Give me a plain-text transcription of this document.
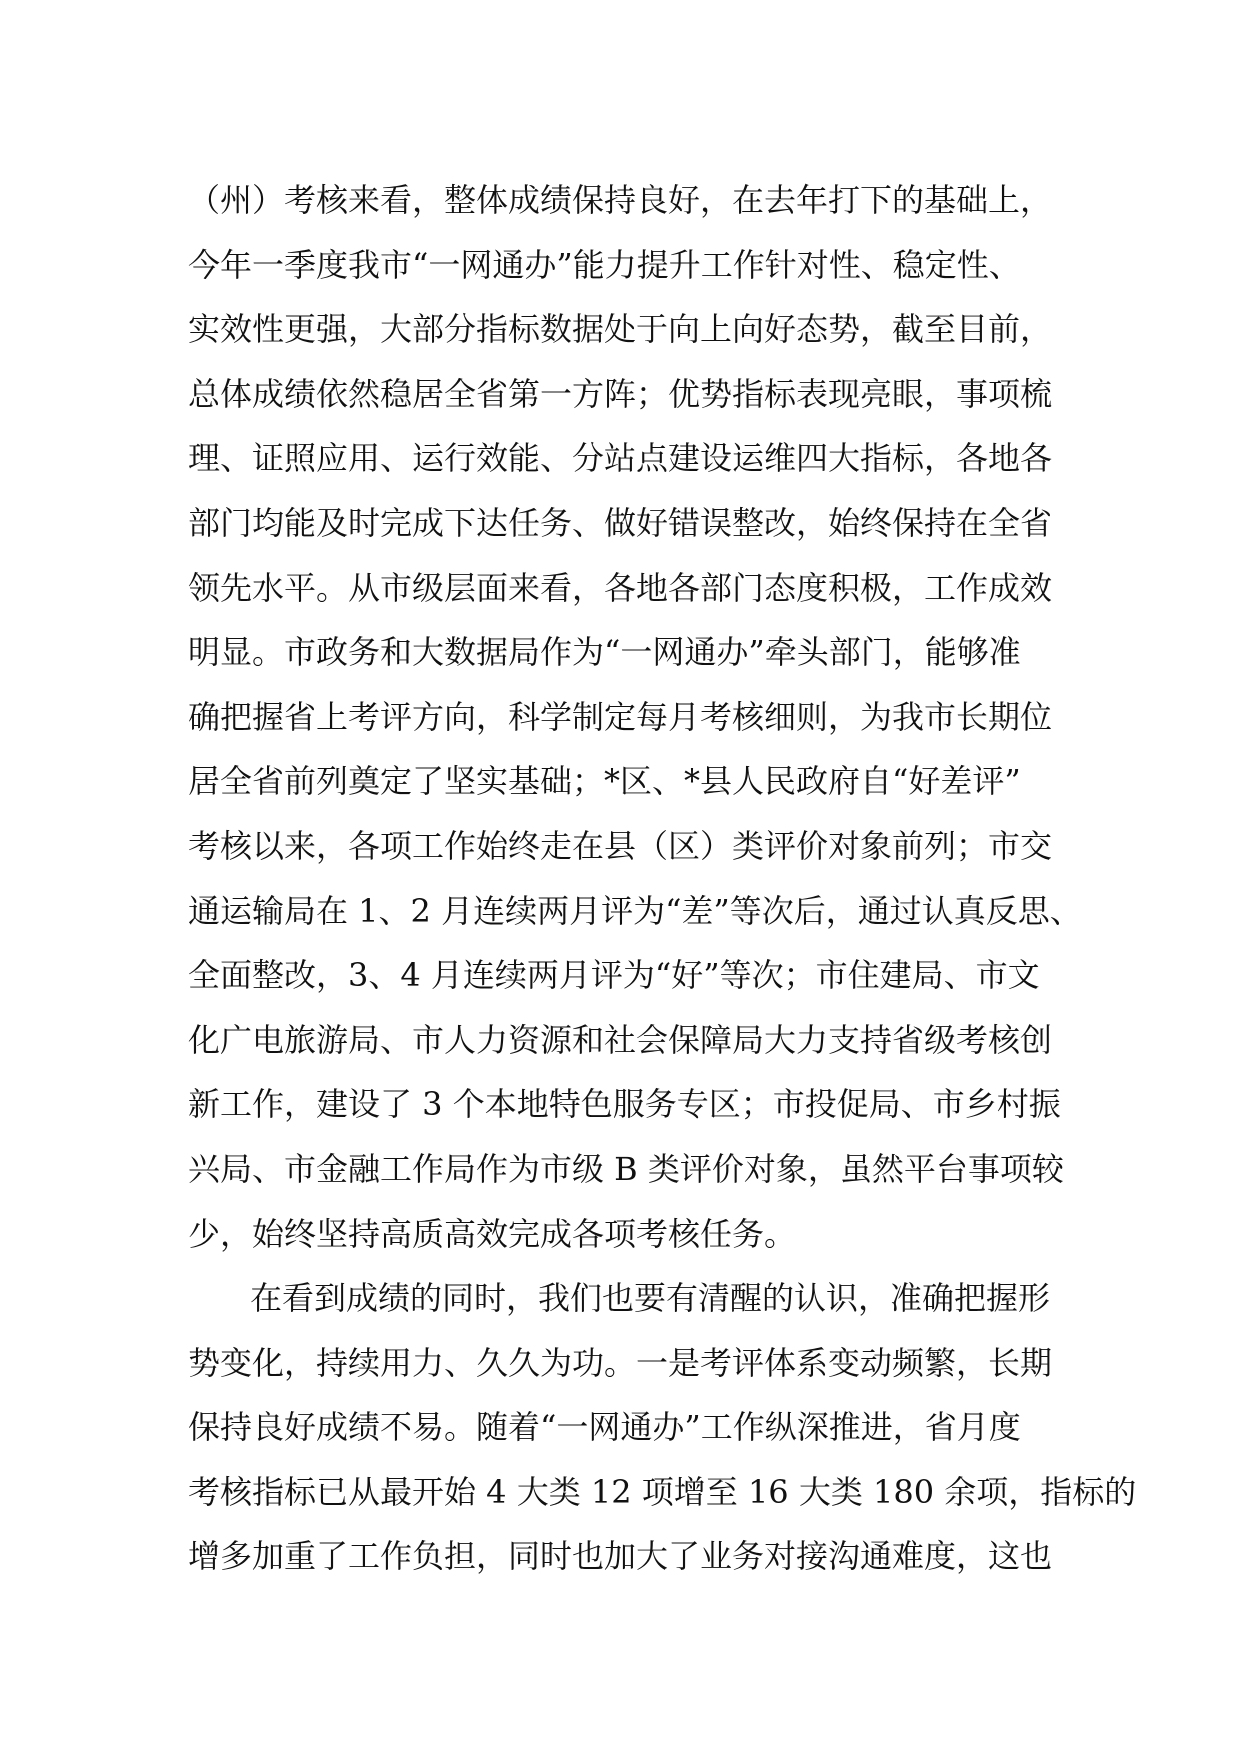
（州）考核来看，整体成绩保持良好，在去年打下的基础上，
今年一季度我市“一网通办”能力提升工作针对性、稳定性、
实效性更强，大部分指标数据处于向上向好态势，截至目前，
总体成绩依然稳居全省第一方阵；优势指标表现亮眼，事项梳
理、证照应用、运行效能、分站点建设运维四大指标，各地各
部门均能及时完成下达任务、做好错误整改，始终保持在全省
领先水平。从市级层面来看，各地各部门态度积极，工作成效
明显。市政务和大数据局作为“一网通办”牵头部门，能够准
确把握省上考评方向，科学制定每月考核细则，为我市长期位
居全省前列奠定了坚实基础；*区、*县人民政府自“好差评”
考核以来，各项工作始终走在县（区）类评价对象前列；市交
通运输局在 1、2 月连续两月评为“差”等次后，通过认真反思、
全面整改，3、4 月连续两月评为“好”等次；市住建局、市文
化广电旅游局、市人力资源和社会保障局大力支持省级考核创
新工作，建设了 3 个本地特色服务专区；市投促局、市乡村振
兴局、市金融工作局作为市级 B 类评价对象，虽然平台事项较
少，始终坚持高质高效完成各项考核任务。
在看到成绩的同时，我们也要有清醒的认识，准确把握形
势变化，持续用力、久久为功。一是考评体系变动频繁，长期
保持良好成绩不易。随着“一网通办”工作纵深推进，省月度
考核指标已从最开始 4 大类 12 项增至 16 大类 180 余项，指标的
增多加重了工作负担，同时也加大了业务对接沟通难度，这也
